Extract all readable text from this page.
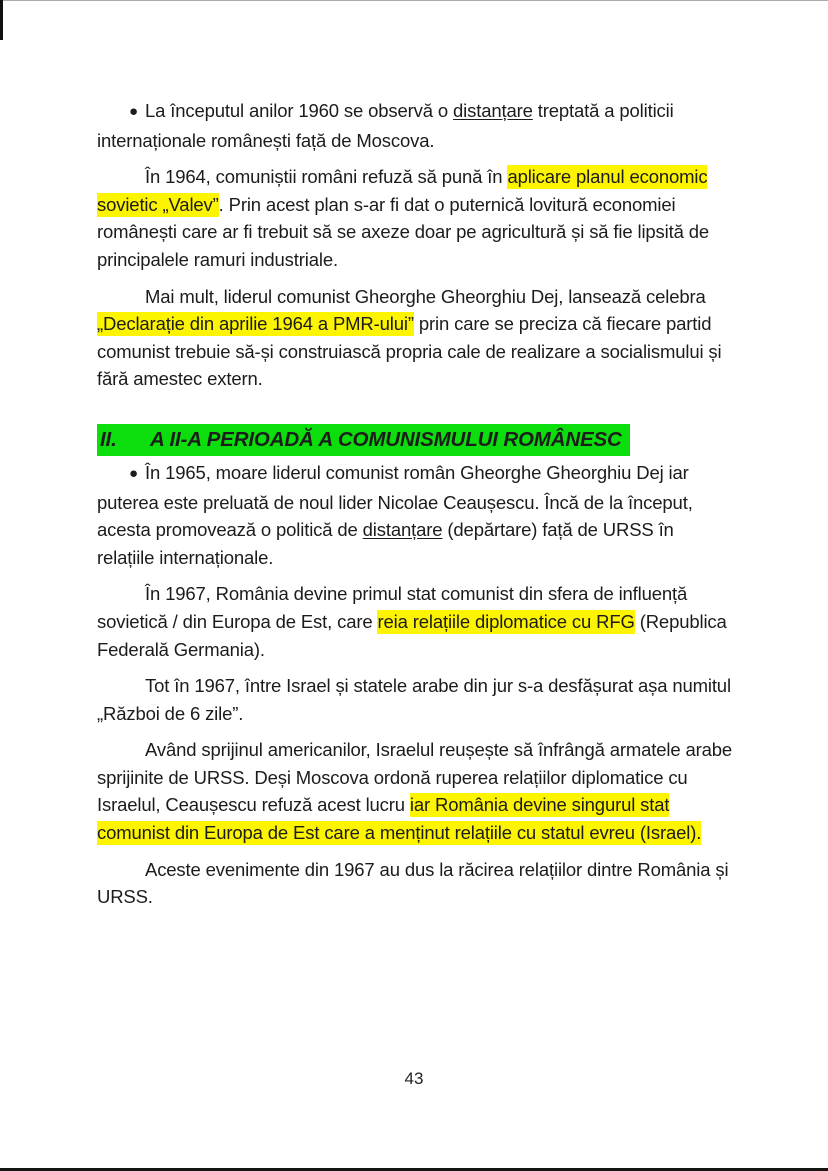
● La începutul anilor 1960 se observă o distanțare treptată a politicii internaționale românești față de Moscova.

În 1964, comuniștii români refuză să pună în aplicare planul economic sovietic „Valev”. Prin acest plan s-ar fi dat o puternică lovitură economiei românești care ar fi trebuit să se axeze doar pe agricultură și să fie lipsită de principalele ramuri industriale.

Mai mult, liderul comunist Gheorghe Gheorghiu Dej, lansează celebra „Declarație din aprilie 1964 a PMR-ului” prin care se preciza că fiecare partid comunist trebuie să-și construiască propria cale de realizare a socialismului și fără amestec extern.

II. A II-A PERIOADĂ A COMUNISMULUI ROMÂNESC

● În 1965, moare liderul comunist român Gheorghe Gheorghiu Dej iar puterea este preluată de noul lider Nicolae Ceaușescu. Încă de la început, acesta promovează o politică de distanțare (depărtare) față de URSS în relațiile internaționale.

În 1967, România devine primul stat comunist din sfera de influență sovietică / din Europa de Est, care reia relațiile diplomatice cu RFG (Republica Federală Germania).

Tot în 1967, între Israel și statele arabe din jur s-a desfășurat așa numitul „Război de 6 zile”.

Având sprijinul americanilor, Israelul reușește să înfrângă armatele arabe sprijinite de URSS. Deși Moscova ordonă ruperea relațiilor diplomatice cu Israelul, Ceaușescu refuză acest lucru iar România devine singurul stat comunist din Europa de Est care a menținut relațiile cu statul evreu (Israel).

Aceste evenimente din 1967 au dus la răcirea relațiilor dintre România și URSS.

43
